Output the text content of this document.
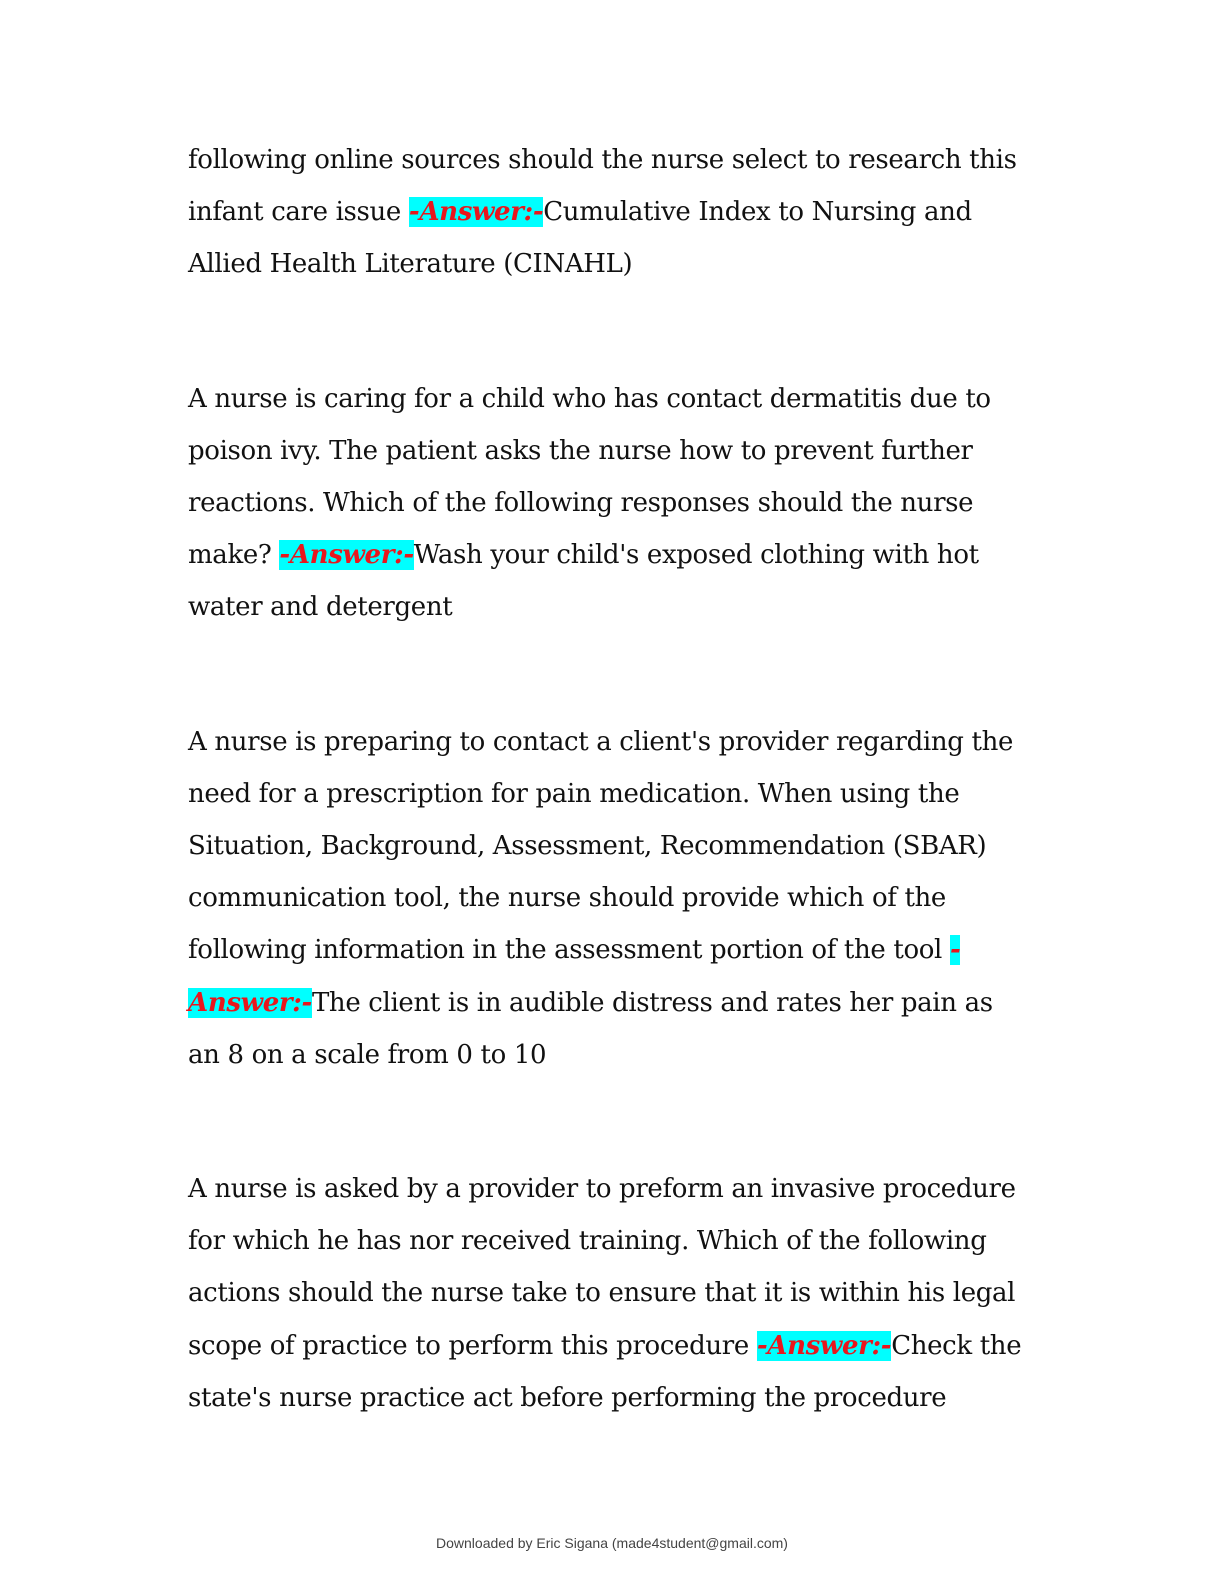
following online sources should the nurse select to research this infant care issue -Answer:-Cumulative Index to Nursing and Allied Health Literature (CINAHL)

A nurse is caring for a child who has contact dermatitis due to poison ivy. The patient asks the nurse how to prevent further reactions. Which of the following responses should the nurse make? -Answer:-Wash your child's exposed clothing with hot water and detergent

A nurse is preparing to contact a client's provider regarding the need for a prescription for pain medication. When using the Situation, Background, Assessment, Recommendation (SBAR) communication tool, the nurse should provide which of the following information in the assessment portion of the tool -Answer:-The client is in audible distress and rates her pain as an 8 on a scale from 0 to 10

A nurse is asked by a provider to preform an invasive procedure for which he has nor received training. Which of the following actions should the nurse take to ensure that it is within his legal scope of practice to perform this procedure -Answer:-Check the state's nurse practice act before performing the procedure

Downloaded by Eric Sigana (made4student@gmail.com)
